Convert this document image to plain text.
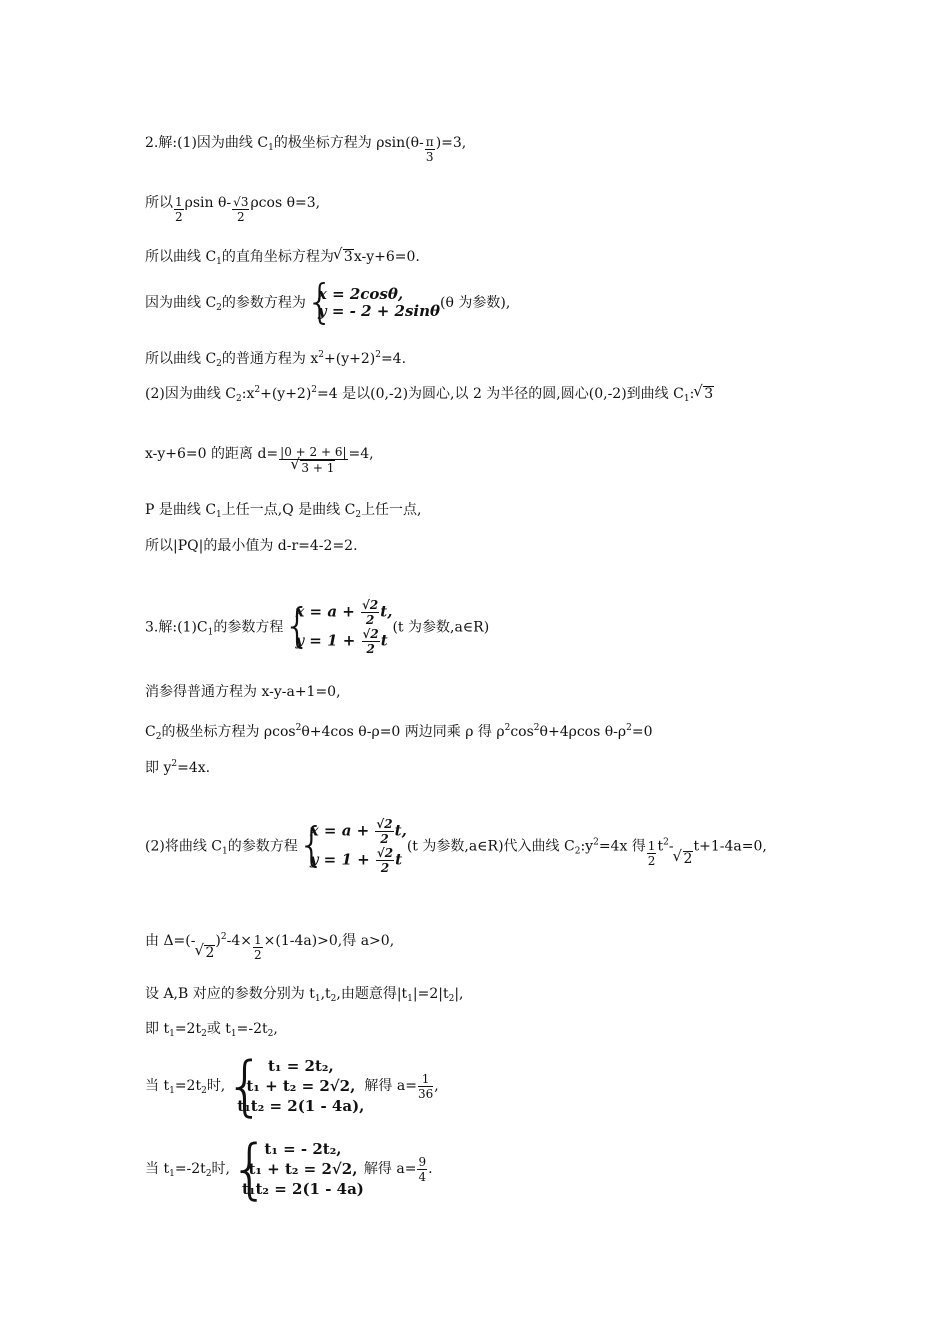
2.解:(1)因为曲线 $C_1$的极坐标方程为 $\rho\sin(\theta- \frac{\pi}{3} )=3$,
所以 $\frac{1}{2}$ ρsin $\theta- \frac{√3}{2}$ ρcos θ=3,
所以曲线 $C_1$的直角坐标方程为√ 3x-y+6=0.
因为曲线 $C_2$的参数方程为 {
x = 2cosθ,
y = - 2 + 2sinθ (θ 为参数),
所以曲线 $C_2$的普通方程为 $x^2+(y+2)^2=4$.
(2)因为曲线 $C_2:x^2+(y+2)^2=4$ 是以(0,-2)为圆心,以 2 为半径的圆,圆心(0,-2)到曲线 $C_1:√$ 3
x-y+6=0 的距离 d= |0 + 2 + 6|
√ 3 + 1 =4,
P 是曲线 $C_1$上任一点,Q 是曲线 $C_2$上任一点,
所以|PQ|的最小值为 d-r=4-2=2.
3.解$:(1)C_1$的参数方程 {
$x = a + \frac{√2}{2} t$,
$y = 1 + \frac{√2}{2}$ t
(t 为参数,a∈R)
消参得普通方程为 x-y-a+1=0,
$C_2$的极坐标方程为 ρcos$^2$θ+4cos θ-ρ=0 两边同乘 ρ 得 $\rho^2\cos^2\theta+4\rho\cos$ $\theta-\rho^2=0$
即 $y^2=4x$.
(2)将曲线 $C_1$的参数方程 {
$x = a + \frac{√2}{2} t$,
$y = 1 + \frac{√2}{2}$ t
(t 为参数,a∈R)代入曲线 $C_2:y^2=4x$ 得 $\frac{1}{2} t^2-√$ 2t+1-4a=0,
由 Δ=(-√ $2)^2-4\times \frac{1}{2} \times(1-4a)>0$,得 a>0,
设 A,B 对应的参数分别为 $t_1,t_2$,由题意得$|t_1|=2|t_2|$,
即 $t_1=2t_2$或 $t_1=-2t_2$,
当 $t_1=2t_2$时, { t₁ = 2t₂,
t₁ + t₂ = 2√2,
t₁t₂ = 2(1 - 4a),
解得 $a= \frac{1}{36}$ ,
当 $t_1=-2t_2$时, {
t₁ = - 2t₂,
t₁ + t₂ = 2√2,
t₁t₂ = 2(1 - 4a)
解得 $a= \frac{9}{4}$ .
